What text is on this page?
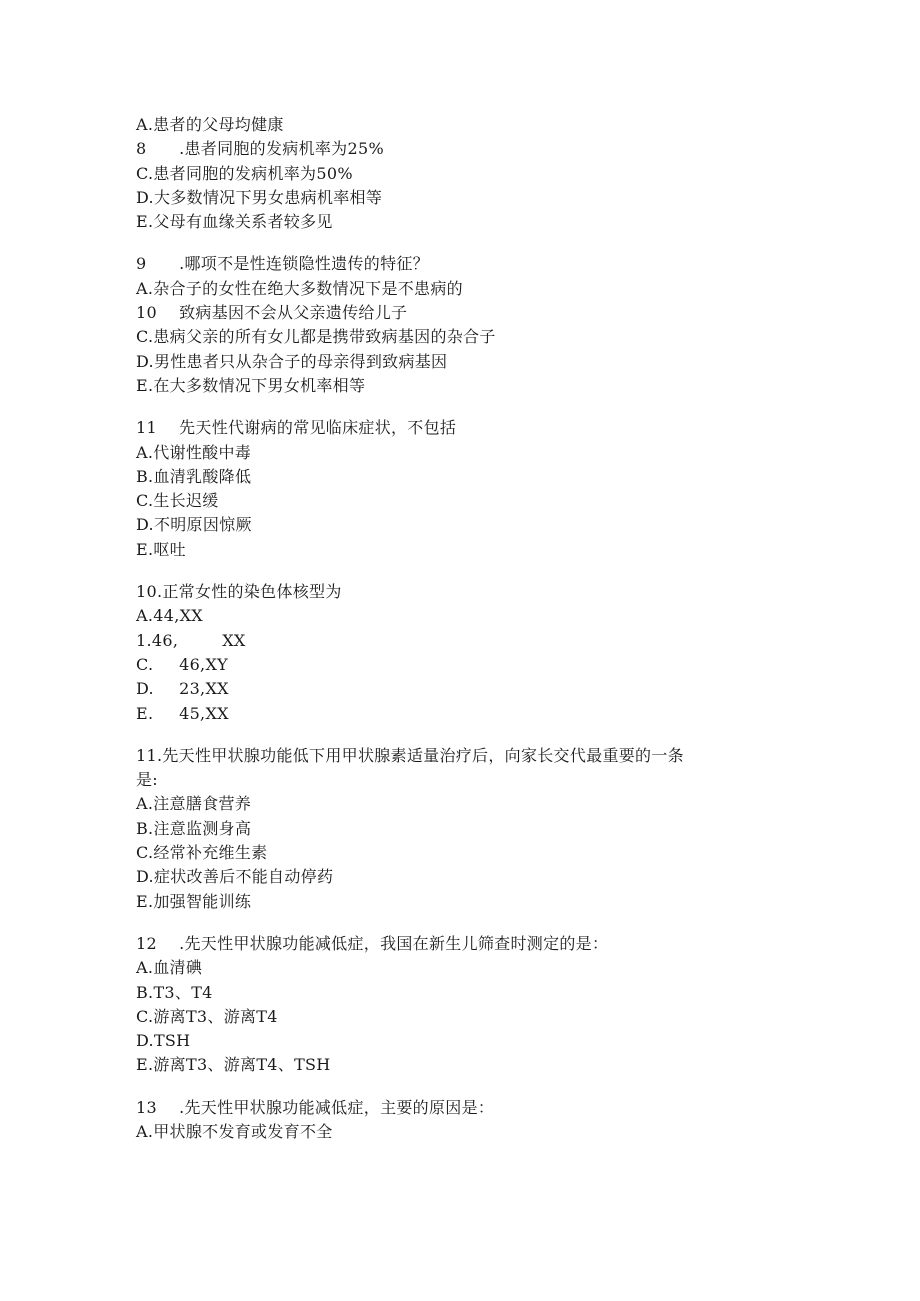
A.患者的父母均健康
8	.患者同胞的发病机率为25%
C.患者同胞的发病机率为50%
D.大多数情况下男女患病机率相等
E.父母有血缘关系者较多见
9	.哪项不是性连锁隐性遗传的特征？
A.杂合子的女性在绝大多数情况下是不患病的
10	致病基因不会从父亲遗传给儿子
C.患病父亲的所有女儿都是携带致病基因的杂合子
D.男性患者只从杂合子的母亲得到致病基因
E.在大多数情况下男女机率相等
11	先天性代谢病的常见临床症状，不包括
A.代谢性酸中毒
B.血清乳酸降低
C.生长迟缓
D.不明原因惊厥
E.呕吐
10.正常女性的染色体核型为
A.44,XX
1.46,	XX
C.	46,XY
D.	23,XX
E.	45,XX
11.先天性甲状腺功能低下用甲状腺素适量治疗后，向家长交代最重要的一条
是:
A.注意膳食营养
B.注意监测身高
C.经常补充维生素
D.症状改善后不能自动停药
E.加强智能训练
12	.先天性甲状腺功能减低症，我国在新生儿筛查时测定的是：
A.血清碘
B.T3、T4
C.游离T3、游离T4
D.TSH
E.游离T3、游离T4、TSH
13	.先天性甲状腺功能减低症，主要的原因是：
A.甲状腺不发育或发育不全
